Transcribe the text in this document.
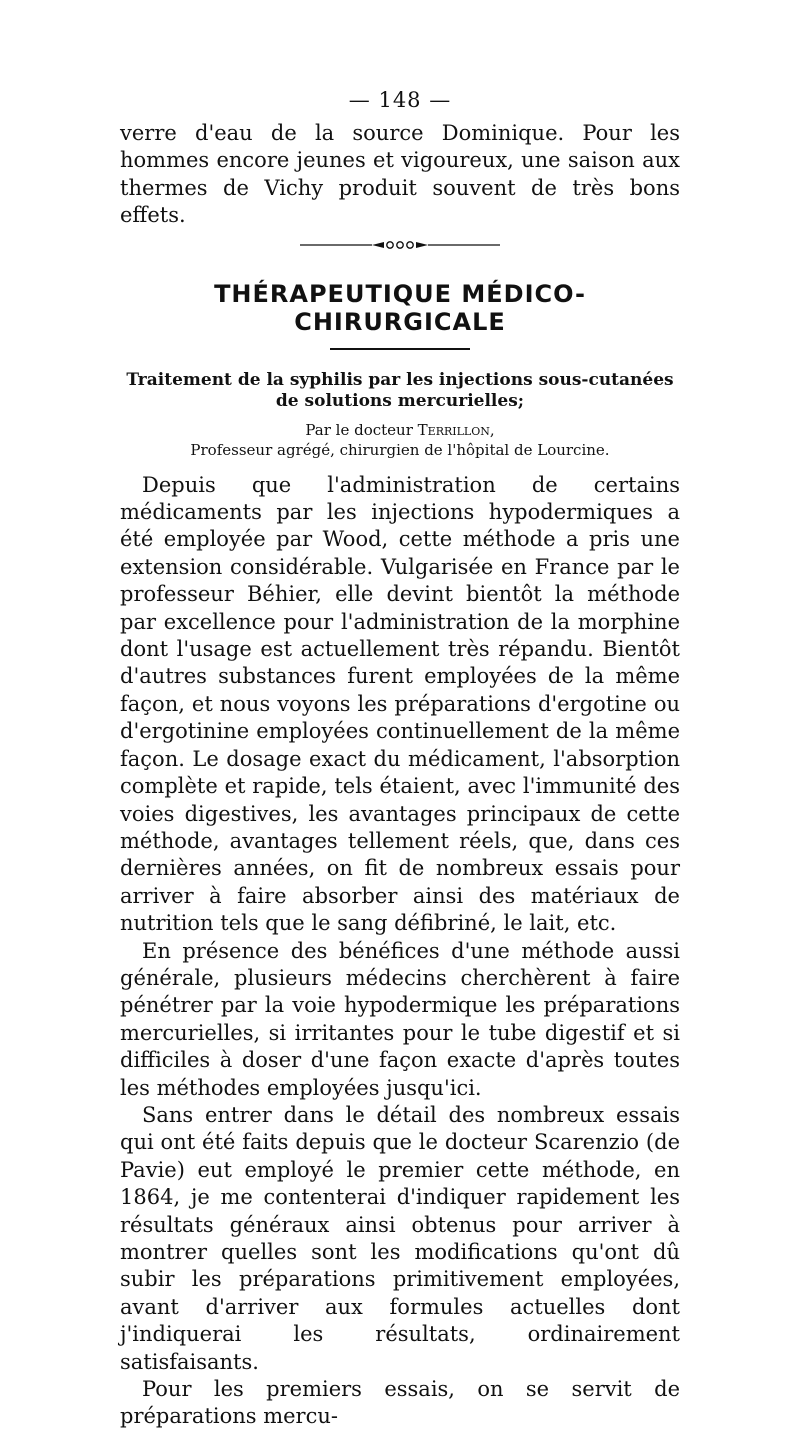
— 148 —

verre d'eau de la source Dominique. Pour les hommes encore jeunes et vigoureux, une saison aux thermes de Vichy produit souvent de très bons effets.

THÉRAPEUTIQUE MÉDICO-CHIRURGICALE
Traitement de la syphilis par les injections sous-cutanées
de solutions mercurielles;

Par le docteur Terrillon,

Professeur agrégé, chirurgien de l'hôpital de Lourcine.

Depuis que l'administration de certains médicaments par les injections hypodermiques a été employée par Wood, cette méthode a pris une extension considérable. Vulgarisée en France par le professeur Béhier, elle devint bientôt la méthode par excellence pour l'administration de la morphine dont l'usage est actuellement très répandu. Bientôt d'autres substances furent employées de la même façon, et nous voyons les préparations d'ergotine ou d'ergotinine employées continuellement de la même façon. Le dosage exact du médicament, l'absorption complète et rapide, tels étaient, avec l'immunité des voies digestives, les avantages principaux de cette méthode, avantages tellement réels, que, dans ces dernières années, on fit de nombreux essais pour arriver à faire absorber ainsi des matériaux de nutrition tels que le sang défibriné, le lait, etc.

En présence des bénéfices d'une méthode aussi générale, plusieurs médecins cherchèrent à faire pénétrer par la voie hypodermique les préparations mercurielles, si irritantes pour le tube digestif et si difficiles à doser d'une façon exacte d'après toutes les méthodes employées jusqu'ici.

Sans entrer dans le détail des nombreux essais qui ont été faits depuis que le docteur Scarenzio (de Pavie) eut employé le premier cette méthode, en 1864, je me contenterai d'indiquer rapidement les résultats généraux ainsi obtenus pour arriver à montrer quelles sont les modifications qu'ont dû subir les préparations primitivement employées, avant d'arriver aux formules actuelles dont j'indiquerai les résultats, ordinairement satisfaisants.

Pour les premiers essais, on se servit de préparations mercu-
